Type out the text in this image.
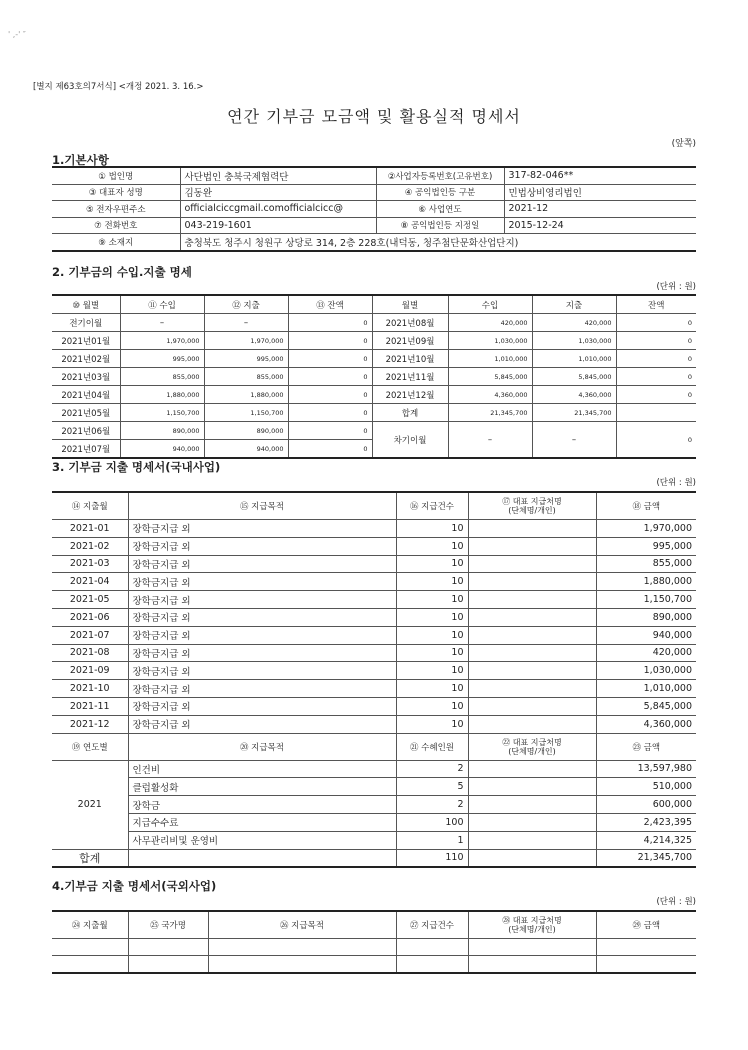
' ,-' ″
[별지 제63호의7서식] <개정 2021. 3. 16.>
연간 기부금 모금액 및 활용실적 명세서
(앞쪽)
1.기본사항
① 법인명	사단법인 충북국제협력단	②사업자등록번호(고유번호)	317-82-046**
③ 대표자 성명	김동완	④ 공익법인등 구분	민법상비영리법인
⑤ 전자우편주소	officialciccgmail.comofficialcicc@	⑥ 사업연도	2021-12
⑦ 전화번호	043-219-1601	⑧ 공익법인등 지정일	2015-12-24
⑨ 소재지	충청북도 청주시 청원구 상당로 314, 2층 228호(내덕동, 청주첨단문화산업단지)		
2. 기부금의 수입.지출 명세
(단위 : 원)
⑩ 월별	⑪ 수입	⑫ 지출	⑬ 잔액	월별	수입	지출	잔액
전기이월	–	–	0	2021년08월	420,000	420,000	0
2021년01월	1,970,000	1,970,000	0	2021년09월	1,030,000	1,030,000	0
2021년02월	995,000	995,000	0	2021년10월	1,010,000	1,010,000	0
2021년03월	855,000	855,000	0	2021년11월	5,845,000	5,845,000	0
2021년04월	1,880,000	1,880,000	0	2021년12월	4,360,000	4,360,000	0
2021년05월	1,150,700	1,150,700	0	합계	21,345,700	21,345,700	
2021년06월	890,000	890,000	0	차기이월	–	–	0
2021년07월	940,000	940,000	0				
3. 기부금 지출 명세서(국내사업)
(단위 : 원)
⑭ 지출월	⑮ 지급목적	⑯ 지급건수	⑰ 대표 지급처명
(단체명/개인)	⑱ 금액
2021-01	장학금지급 외	10		1,970,000
2021-02	장학금지급 외	10		995,000
2021-03	장학금지급 외	10		855,000
2021-04	장학금지급 외	10		1,880,000
2021-05	장학금지급 외	10		1,150,700
2021-06	장학금지급 외	10		890,000
2021-07	장학금지급 외	10		940,000
2021-08	장학금지급 외	10		420,000
2021-09	장학금지급 외	10		1,030,000
2021-10	장학금지급 외	10		1,010,000
2021-11	장학금지급 외	10		5,845,000
2021-12	장학금지급 외	10		4,360,000
⑲ 연도별	⑳ 지급목적	㉑ 수혜인원	㉒ 대표 지급처명
(단체명/개인)	㉓ 금액
2021	인건비	2		13,597,980
	클럽활성화	5		510,000
	장학금	2		600,000
	지급수수료	100		2,423,395
	사무관리비및 운영비	1		4,214,325
합계		110		21,345,700
4.기부금 지출 명세서(국외사업)
(단위 : 원)
㉔ 지출월	㉕ 국가명	㉖ 지급목적	㉗ 지급건수	㉘ 대표 지급처명
(단체명/개인)	㉙ 금액
